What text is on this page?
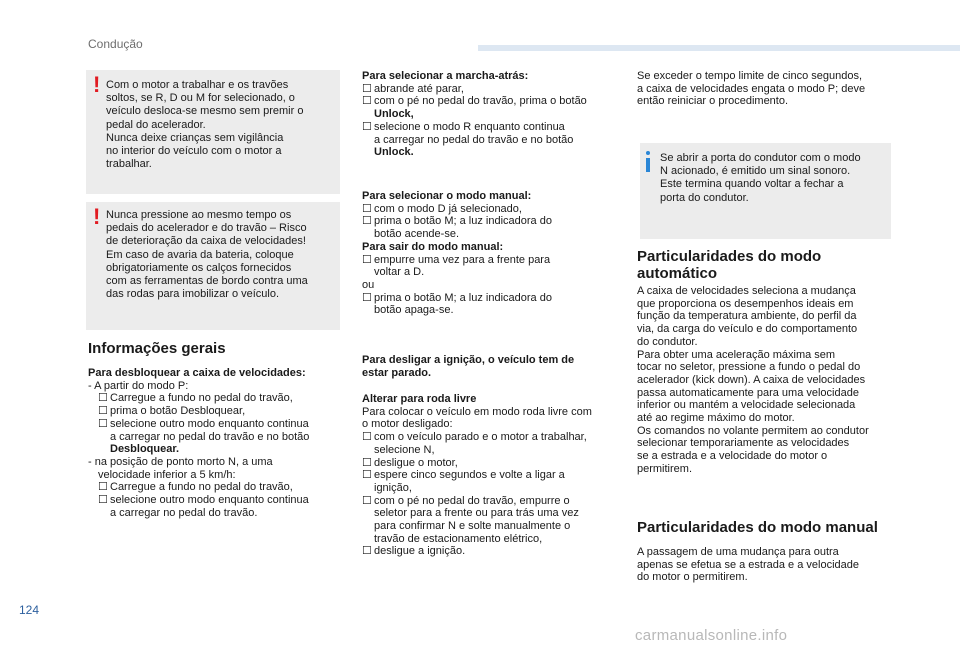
Condução
124
carmanualsonline.info
! Com o motor a trabalhar e os travões

soltos, se R, D ou M for selecionado, o

veículo desloca-se mesmo sem premir o

pedal do acelerador.

Nunca deixe crianças sem vigilância

no interior do veículo com o motor a

trabalhar.

! Nunca pressione ao mesmo tempo os

pedais do acelerador e do travão – Risco

de deterioração da caixa de velocidades!

Em caso de avaria da bateria, coloque

obrigatoriamente os calços fornecidos

com as ferramentas de bordo contra uma

das rodas para imobilizar o veículo.

Informações gerais

Para desbloquear a caixa de velocidades:

- A partir do modo P:

☐ Carregue a fundo no pedal do travão,

☐ prima o botão Desbloquear,

☐ selecione outro modo enquanto continua

a carregar no pedal do travão e no botão

Desbloquear.

- na posição de ponto morto N, a uma

velocidade inferior a 5 km/h:

☐ Carregue a fundo no pedal do travão,

☐ selecione outro modo enquanto continua

a carregar no pedal do travão.

Para selecionar a marcha-atrás:

☐ abrande até parar,

☐ com o pé no pedal do travão, prima o botão

Unlock,

☐ selecione o modo R enquanto continua

a carregar no pedal do travão e no botão

Unlock.

Para selecionar o modo manual:

☐ com o modo D já selecionado,

☐ prima o botão M; a luz indicadora do

botão acende-se.

Para sair do modo manual:

☐ empurre uma vez para a frente para

voltar a D.

ou

☐ prima o botão M; a luz indicadora do

botão apaga-se.

Para desligar a ignição, o veículo tem de

estar parado.

Alterar para roda livre

Para colocar o veículo em modo roda livre com

o motor desligado:

☐ com o veículo parado e o motor a trabalhar,

selecione N,

☐ desligue o motor,

☐ espere cinco segundos e volte a ligar a

ignição,

☐ com o pé no pedal do travão, empurre o

seletor para a frente ou para trás uma vez

para confirmar N e solte manualmente o

travão de estacionamento elétrico,

☐ desligue a ignição.

Se exceder o tempo limite de cinco segundos,

a caixa de velocidades engata o modo P; deve

então reiniciar o procedimento.

Se abrir a porta do condutor com o modo

N acionado, é emitido um sinal sonoro.

Este termina quando voltar a fechar a

porta do condutor.

Particularidades do modo
automático

A caixa de velocidades seleciona a mudança

que proporciona os desempenhos ideais em

função da temperatura ambiente, do perfil da

via, da carga do veículo e do comportamento

do condutor.

Para obter uma aceleração máxima sem

tocar no seletor, pressione a fundo o pedal do

acelerador (kick down). A caixa de velocidades

passa automaticamente para uma velocidade

inferior ou mantém a velocidade selecionada

até ao regime máximo do motor.

Os comandos no volante permitem ao condutor

selecionar temporariamente as velocidades

se a estrada e a velocidade do motor o

permitirem.

Particularidades do modo manual

A passagem de uma mudança para outra

apenas se efetua se a estrada e a velocidade

do motor o permitirem.
